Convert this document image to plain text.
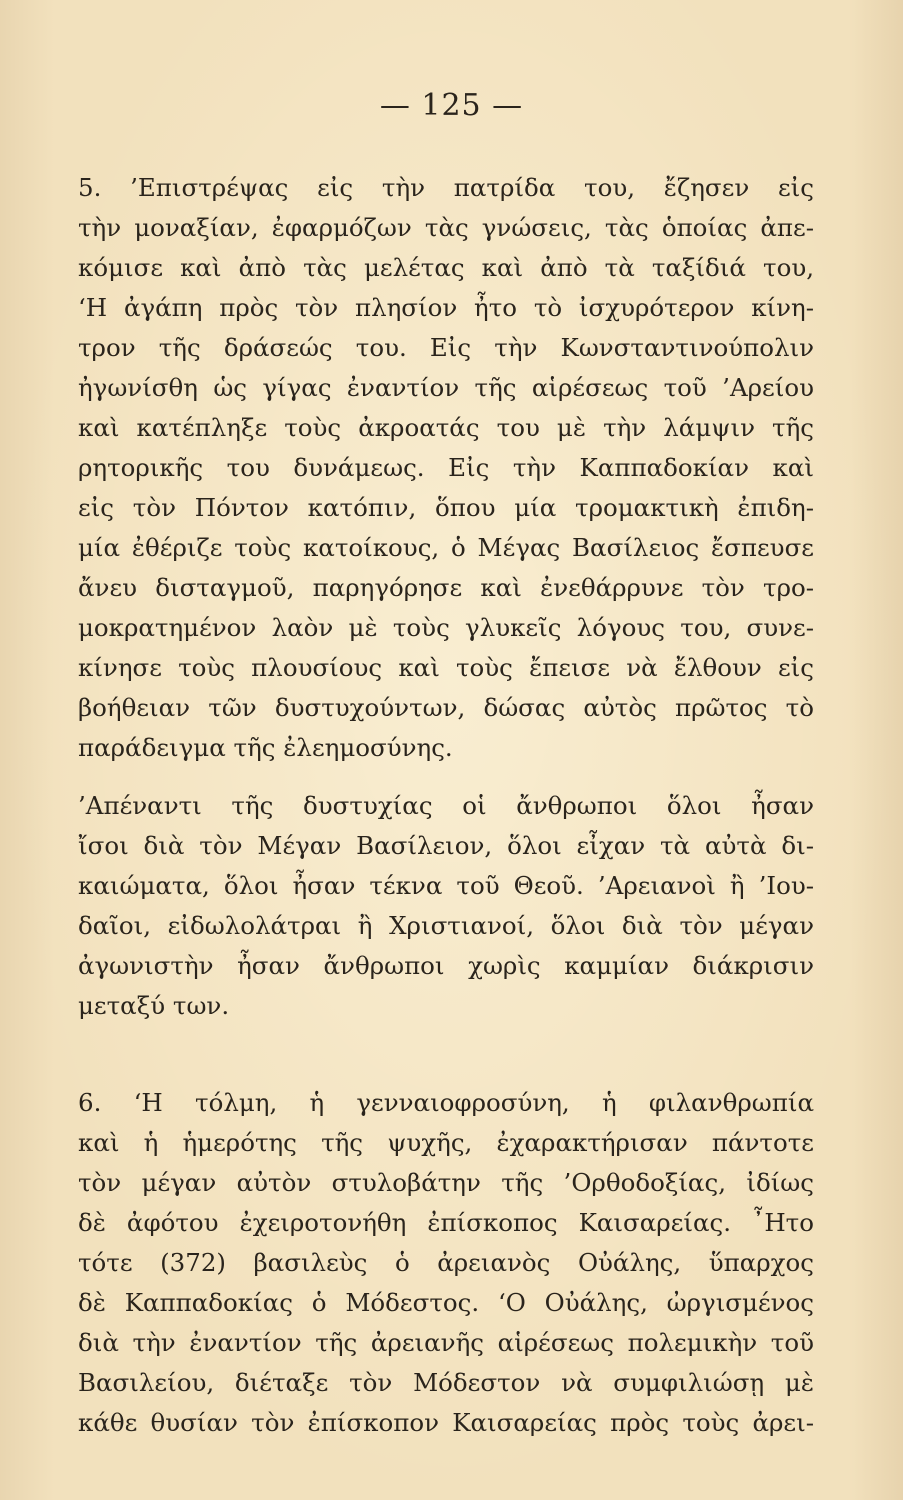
— 125 —
5. ’Επιστρέψας εἰς τὴν πατρίδα του, ἔζησεν εἰς
τὴν μοναξίαν, ἐφαρμόζων τὰς γνώσεις, τὰς ὁποίας ἀπε-
κόμισε καὶ ἀπὸ τὰς μελέτας καὶ ἀπὸ τὰ ταξίδιά του,
‘Η ἀγάπη πρὸς τὸν πλησίον ἦτο τὸ ἰσχυρότερον κίνη-
τρον τῆς δράσεώς του. Εἰς τὴν Κωνσταντινούπολιν
ἠγωνίσθη ὡς γίγας ἐναντίον τῆς αἱρέσεως τοῦ ’Αρείου
καὶ κατέπληξε τοὺς ἀκροατάς του μὲ τὴν λάμψιν τῆς
ρητορικῆς του δυνάμεως. Εἰς τὴν Καππαδοκίαν καὶ
εἰς τὸν Πόντον κατόπιν, ὅπου μία τρομακτικὴ ἐπιδη-
μία ἐθέριζε τοὺς κατοίκους, ὁ Μέγας Βασίλειος ἔσπευσε
ἄνευ δισταγμοῦ, παρηγόρησε καὶ ἐνεθάρρυνε τὸν τρο-
μοκρατημένον λαὸν μὲ τοὺς γλυκεῖς λόγους του, συνε-
κίνησε τοὺς πλουσίους καὶ τοὺς ἔπεισε νὰ ἔλθουν εἰς
βοήθειαν τῶν δυστυχούντων, δώσας αὐτὸς πρῶτος τὸ
παράδειγμα τῆς ἐλεημοσύνης.
’Απέναντι τῆς δυστυχίας οἱ ἄνθρωποι ὅλοι ἦσαν
ἴσοι διὰ τὸν Μέγαν Βασίλειον, ὅλοι εἶχαν τὰ αὐτὰ δι-
καιώματα, ὅλοι ἦσαν τέκνα τοῦ Θεοῦ. ’Αρειανοὶ ἢ ’Ιου-
δαῖοι, εἰδωλολάτραι ἢ Χριστιανοί, ὅλοι διὰ τὸν μέγαν
ἀγωνιστὴν ἦσαν ἄνθρωποι χωρὶς καμμίαν διάκρισιν
μεταξύ των.
6. ‘Η τόλμη, ἡ γενναιοφροσύνη, ἡ φιλανθρωπία
καὶ ἡ ἡμερότης τῆς ψυχῆς, ἐχαρακτήρισαν πάντοτε
τὸν μέγαν αὐτὸν στυλοβάτην τῆς ’Ορθοδοξίας, ἰδίως
δὲ ἀφότου ἐχειροτονήθη ἐπίσκοπος Καισαρείας. ῏Ητο
τότε (372) βασιλεὺς ὁ ἀρειανὸς Οὐάλης, ὕπαρχος
δὲ Καππαδοκίας ὁ Μόδεστος. ‘Ο Οὐάλης, ὠργισμένος
διὰ τὴν ἐναντίον τῆς ἀρειανῆς αἱρέσεως πολεμικὴν τοῦ
Βασιλείου, διέταξε τὸν Μόδεστον νὰ συμφιλιώσῃ μὲ
κάθε θυσίαν τὸν ἐπίσκοπον Καισαρείας πρὸς τοὺς ἀρει-
